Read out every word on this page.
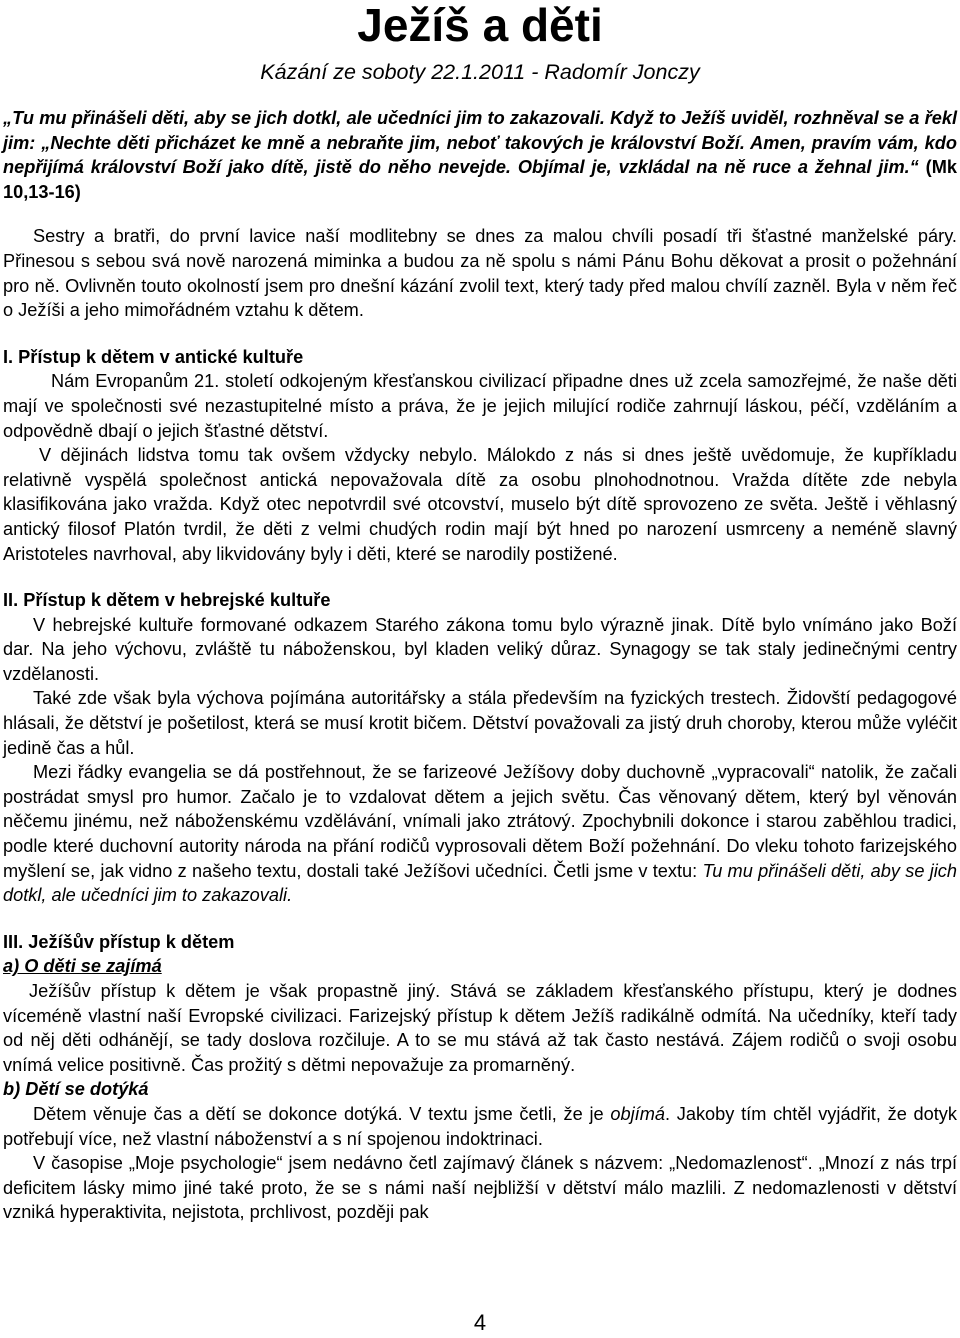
Ježíš a děti
Kázání ze soboty 22.1.2011 - Radomír Jonczy

„Tu mu přinášeli děti, aby se jich dotkl, ale učedníci jim to zakazovali. Když to Ježíš uviděl, rozhněval se a řekl jim: „Nechte děti přicházet ke mně a nebraňte jim, neboť takových je království Boží. Amen, pravím vám, kdo nepřijímá království Boží jako dítě, jistě do něho nevejde. Objímal je, vzkládal na ně ruce a žehnal jim.“ (Mk 10,13-16)

Sestry a bratři, do první lavice naší modlitebny se dnes za malou chvíli posadí tři šťastné manželské páry. Přinesou s sebou svá nově narozená miminka a budou za ně spolu s námi Pánu Bohu děkovat a prosit o požehnání pro ně. Ovlivněn touto okolností jsem pro dnešní kázání zvolil text, který tady před malou chvílí zazněl. Byla v něm řeč o Ježíši a jeho mimořádném vztahu k dětem.

I. Přístup k dětem v antické kultuře

Nám Evropanům 21. století odkojeným křesťanskou civilizací připadne dnes už zcela samozřejmé, že naše děti mají ve společnosti své nezastupitelné místo a práva, že je jejich milující rodiče zahrnují láskou, péčí, vzděláním a odpovědně dbají o jejich šťastné dětství.

V dějinách lidstva tomu tak ovšem vždycky nebylo. Málokdo z nás si dnes ještě uvědomuje, že kupříkladu relativně vyspělá společnost antická nepovažovala dítě za osobu plnohodnotnou. Vražda dítěte zde nebyla klasifikována jako vražda. Když otec nepotvrdil své otcovství, muselo být dítě sprovozeno ze světa. Ještě i věhlasný antický filosof Platón tvrdil, že děti z velmi chudých rodin mají být hned po narození usmrceny a neméně slavný Aristoteles navrhoval, aby likvidovány byly i děti, které se narodily postižené.

II. Přístup k dětem v hebrejské kultuře

V hebrejské kultuře formované odkazem Starého zákona tomu bylo výrazně jinak. Dítě bylo vnímáno jako Boží dar. Na jeho výchovu, zvláště tu náboženskou, byl kladen veliký důraz. Synagogy se tak staly jedinečnými centry vzdělanosti.

Také zde však byla výchova pojímána autoritářsky a stála především na fyzických trestech. Židovští pedagogové hlásali, že dětství je pošetilost, která se musí krotit bičem. Dětství považovali za jistý druh choroby, kterou může vyléčit jedině čas a hůl.

Mezi řádky evangelia se dá postřehnout, že se farizeové Ježíšovy doby duchovně „vypracovali“ natolik, že začali postrádat smysl pro humor. Začalo je to vzdalovat dětem a jejich světu. Čas věnovaný dětem, který byl věnován něčemu jinému, než náboženskému vzdělávání, vnímali jako ztrátový. Zpochybnili dokonce i starou zaběhlou tradici, podle které duchovní autority národa na přání rodičů vyprosovali dětem Boží požehnání. Do vleku tohoto farizejského myšlení se, jak vidno z našeho textu, dostali také Ježíšovi učedníci. Četli jsme v textu: Tu mu přinášeli děti, aby se jich dotkl, ale učedníci jim to zakazovali.

III. Ježíšův přístup k dětem
a) O děti se zajímá

Ježíšův přístup k dětem je však propastně jiný. Stává se základem křesťanského přístupu, který je dodnes víceméně vlastní naší Evropské civilizaci. Farizejský přístup k dětem Ježíš radikálně odmítá. Na učedníky, kteří tady od něj děti odhánějí, se tady doslova rozčiluje. A to se mu stává až tak často nestává. Zájem rodičů o svoji osobu vnímá velice positivně. Čas prožitý s dětmi nepovažuje za promarněný.

b) Dětí se dotýká

Dětem věnuje čas a dětí se dokonce dotýká. V textu jsme četli, že je objímá. Jakoby tím chtěl vyjádřit, že dotyk potřebují více, než vlastní náboženství a s ní spojenou indoktrinaci.

V časopise „Moje psychologie“ jsem nedávno četl zajímavý článek s názvem: „Nedomazlenost“. „Mnozí z nás trpí deficitem lásky mimo jiné také proto, že se s námi naší nejbližší v dětství málo mazlili. Z nedomazlenosti v dětství vzniká hyperaktivita, nejistota, prchlivost, později pak

4
